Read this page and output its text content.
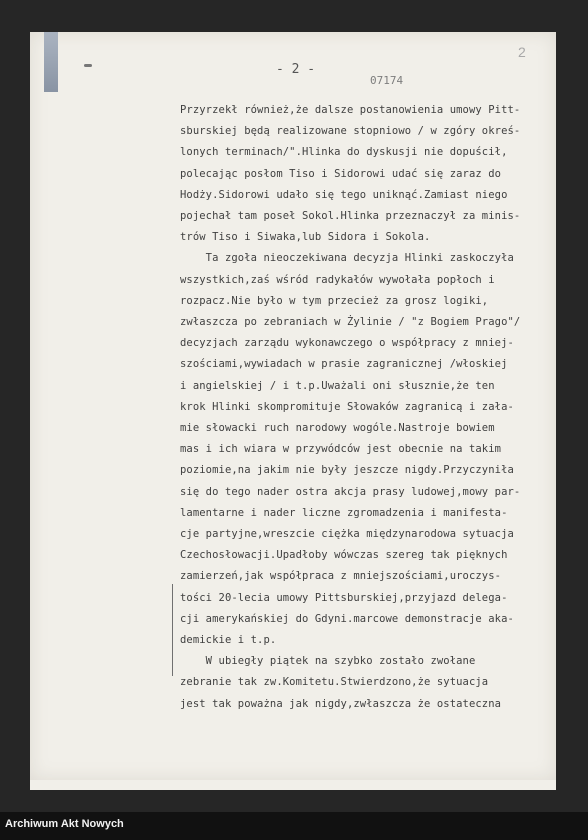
2
- 2 -
07174
Przyrzekł również,że dalsze postanowienia umowy Pitt-
sburskiej będą realizowane stopniowo / w zgóry okreś-
lonych terminach/".Hlinka do dyskusji nie dopuścił,
polecając posłom Tiso i Sidorowi udać się zaraz do
Hodży.Sidorowi udało się tego uniknąć.Zamiast niego
pojechał tam poseł Sokol.Hlinka przeznaczył za minis-
trów Tiso i Siwaka,lub Sidora i Sokola.
Ta zgoła nieoczekiwana decyzja Hlinki zaskoczyła
wszystkich,zaś wśród radykałów wywołała popłoch i
rozpacz.Nie było w tym przecież za grosz logiki,
zwłaszcza po zebraniach w Żylinie / "z Bogiem Prago"/
decyzjach zarządu wykonawczego o współpracy z mniej-
szościami,wywiadach w prasie zagranicznej /włoskiej
i angielskiej / i t.p.Uważali oni słusznie,że ten
krok Hlinki skompromituje Słowaków zagranicą i zała-
mie słowacki ruch narodowy wogóle.Nastroje bowiem
mas i ich wiara w przywódców jest obecnie na takim
poziomie,na jakim nie były jeszcze nigdy.Przyczyniła
się do tego nader ostra akcja prasy ludowej,mowy par-
lamentarne i nader liczne zgromadzenia i manifesta-
cje partyjne,wreszcie ciężka międzynarodowa sytuacja
Czechosłowacji.Upadłoby wówczas szereg tak pięknych
zamierzeń,jak współpraca z mniejszościami,uroczys-
tości 20-lecia umowy Pittsburskiej,przyjazd delega-
cji amerykańskiej do Gdyni.marcowe demonstracje aka-
demickie i t.p.
W ubiegły piątek na szybko zostało zwołane
zebranie tak zw.Komitetu.Stwierdzono,że sytuacja
jest tak poważna jak nigdy,zwłaszcza że ostateczna
Archiwum Akt Nowych
